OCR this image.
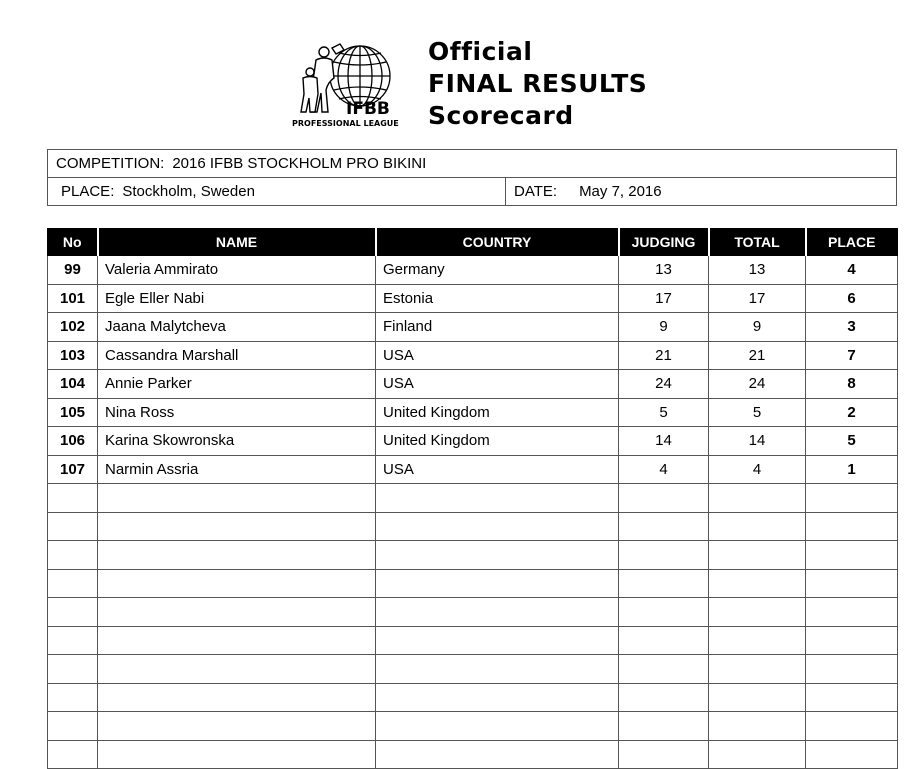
IFBB
PROFESSIONAL LEAGUE
Official
FINAL RESULTS
Scorecard
COMPETITION: 2016 IFBB STOCKHOLM PRO BIKINI
PLACE: Stockholm, Sweden	DATE: May 7, 2016
No	NAME	COUNTRY	JUDGING	TOTAL	PLACE
99	Valeria Ammirato	Germany	13	13	4
101	Egle Eller Nabi	Estonia	17	17	6
102	Jaana Malytcheva	Finland	9	9	3
103	Cassandra Marshall	USA	21	21	7
104	Annie Parker	USA	24	24	8
105	Nina Ross	United Kingdom	5	5	2
106	Karina Skowronska	United Kingdom	14	14	5
107	Narmin Assria	USA	4	4	1
